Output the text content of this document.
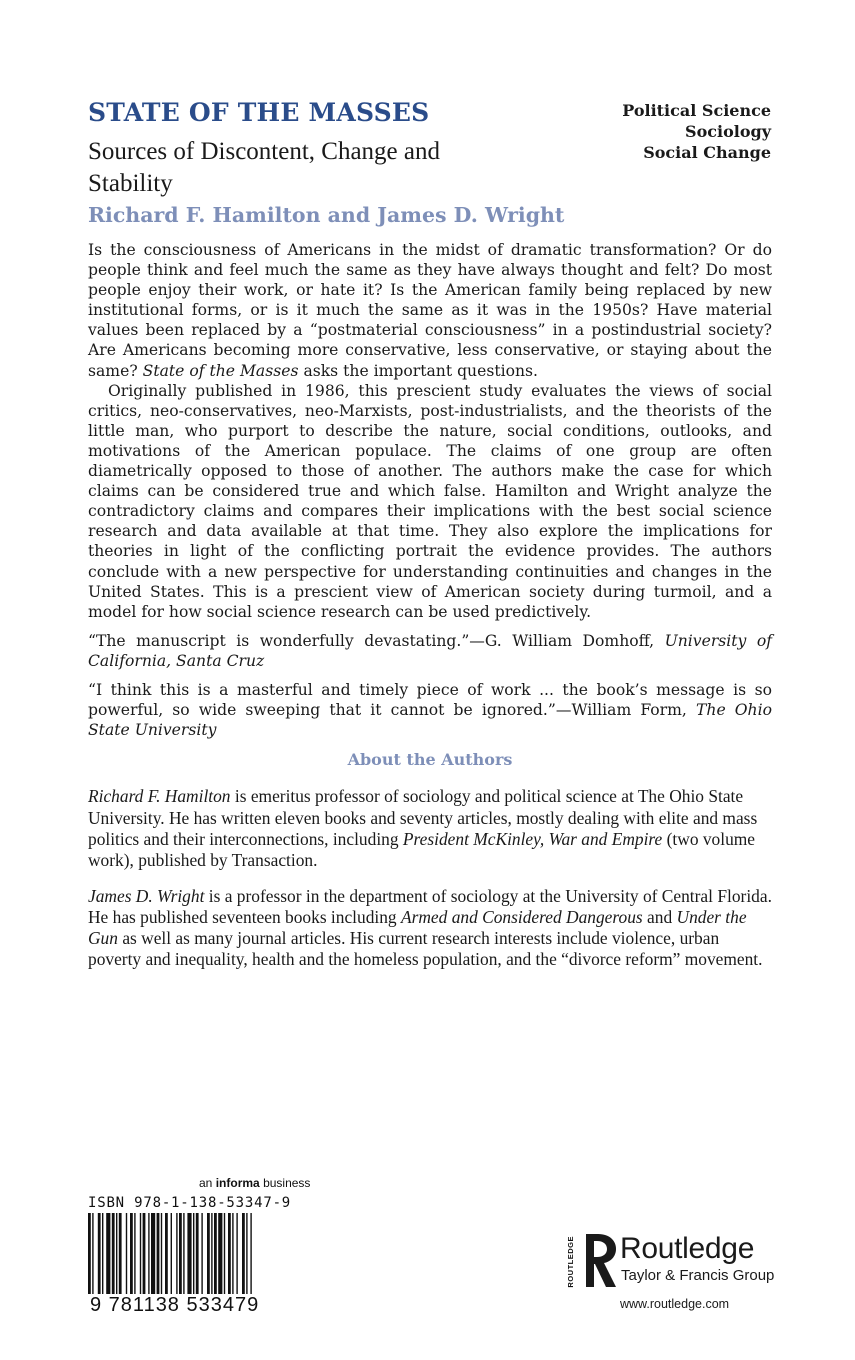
STATE OF THE MASSES

Sources of Discontent, Change and Stability

Political Science
Sociology
Social Change

Richard F. Hamilton and James D. Wright

Is the consciousness of Americans in the midst of dramatic transformation? Or do people think and feel much the same as they have always thought and felt? Do most people enjoy their work, or hate it? Is the American family being replaced by new institutional forms, or is it much the same as it was in the 1950s? Have material values been replaced by a “postmaterial consciousness” in a postindustrial society? Are Americans becoming more conservative, less conservative, or staying about the same? State of the Masses asks the important questions.

Originally published in 1986, this prescient study evaluates the views of social critics, neo-conservatives, neo-Marxists, post-industrialists, and the theorists of the little man, who purport to describe the nature, social conditions, outlooks, and motivations of the American populace. The claims of one group are often diametrically opposed to those of another. The authors make the case for which claims can be considered true and which false. Hamilton and Wright analyze the contradictory claims and compares their implications with the best social science research and data available at that time. They also explore the implications for theories in light of the conflicting portrait the evidence provides. The authors conclude with a new perspective for understanding continuities and changes in the United States. This is a prescient view of American society during turmoil, and a model for how social science research can be used predictively.

“The manuscript is wonderfully devastating.”—G. William Domhoff, University of California, Santa Cruz

“I think this is a masterful and timely piece of work ... the book’s message is so powerful, so wide sweeping that it cannot be ignored.”—William Form, The Ohio State University

About the Authors

Richard F. Hamilton is emeritus professor of sociology and political science at The Ohio State University. He has written eleven books and seventy articles, mostly dealing with elite and mass politics and their interconnections, including President McKinley, War and Empire (two volume work), published by Transaction.

James D. Wright is a professor in the department of sociology at the University of Central Florida. He has published seventeen books including Armed and Considered Dangerous and Under the Gun as well as many journal articles. His current research interests include violence, urban poverty and inequality, health and the homeless population, and the “divorce reform” movement.

an informa business
ISBN 978-1-138-53347-9
9 781138 533479
ROUTLEDGE Routledge
Taylor & Francis Group
www.routledge.com
